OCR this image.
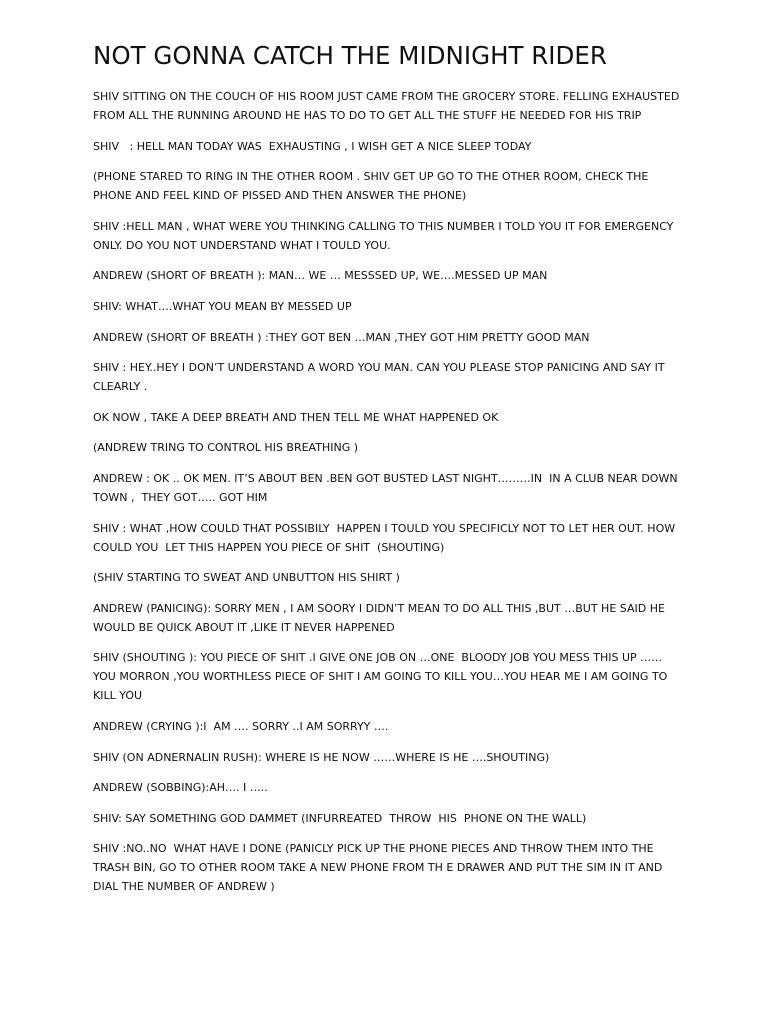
NOT GONNA CATCH THE MIDNIGHT RIDER

SHIV SITTING ON THE COUCH OF HIS ROOM JUST CAME FROM THE GROCERY STORE. FELLING EXHAUSTED FROM ALL THE RUNNING AROUND HE HAS TO DO TO GET ALL THE STUFF HE NEEDED FOR HIS TRIP

SHIV   : HELL MAN TODAY WAS  EXHAUSTING , I WISH GET A NICE SLEEP TODAY

(PHONE STARED TO RING IN THE OTHER ROOM . SHIV GET UP GO TO THE OTHER ROOM, CHECK THE PHONE AND FEEL KIND OF PISSED AND THEN ANSWER THE PHONE)

SHIV :HELL MAN , WHAT WERE YOU THINKING CALLING TO THIS NUMBER I TOLD YOU IT FOR EMERGENCY ONLY. DO YOU NOT UNDERSTAND WHAT I TOULD YOU.

ANDREW (SHORT OF BREATH ): MAN… WE … MESSSED UP, WE….MESSED UP MAN

SHIV: WHAT….WHAT YOU MEAN BY MESSED UP

ANDREW (SHORT OF BREATH ) :THEY GOT BEN …MAN ,THEY GOT HIM PRETTY GOOD MAN

SHIV : HEY..HEY I DON’T UNDERSTAND A WORD YOU MAN. CAN YOU PLEASE STOP PANICING AND SAY IT CLEARLY .

OK NOW , TAKE A DEEP BREATH AND THEN TELL ME WHAT HAPPENED OK

(ANDREW TRING TO CONTROL HIS BREATHING )

ANDREW : OK .. OK MEN. IT’S ABOUT BEN .BEN GOT BUSTED LAST NIGHT………IN  IN A CLUB NEAR DOWN TOWN ,  THEY GOT….. GOT HIM

SHIV : WHAT ,HOW COULD THAT POSSIBILY  HAPPEN I TOULD YOU SPECIFICLY NOT TO LET HER OUT. HOW  COULD YOU  LET THIS HAPPEN YOU PIECE OF SHIT  (SHOUTING)

(SHIV STARTING TO SWEAT AND UNBUTTON HIS SHIRT )

ANDREW (PANICING): SORRY MEN , I AM SOORY I DIDN’T MEAN TO DO ALL THIS ,BUT …BUT HE SAID HE WOULD BE QUICK ABOUT IT ,LIKE IT NEVER HAPPENED

SHIV (SHOUTING ): YOU PIECE OF SHIT .I GIVE ONE JOB ON …ONE  BLOODY JOB YOU MESS THIS UP …… YOU MORRON ,YOU WORTHLESS PIECE OF SHIT I AM GOING TO KILL YOU…YOU HEAR ME I AM GOING TO KILL YOU

ANDREW (CRYING ):I  AM …. SORRY ..I AM SORRYY ….

SHIV (ON ADNERNALIN RUSH): WHERE IS HE NOW ……WHERE IS HE ….SHOUTING)

ANDREW (SOBBING):AH…. I …..

SHIV: SAY SOMETHING GOD DAMMET (INFURREATED  THROW  HIS  PHONE ON THE WALL)

SHIV :NO..NO  WHAT HAVE I DONE (PANICLY PICK UP THE PHONE PIECES AND THROW THEM INTO THE TRASH BIN, GO TO OTHER ROOM TAKE A NEW PHONE FROM TH E DRAWER AND PUT THE SIM IN IT AND DIAL THE NUMBER OF ANDREW )
